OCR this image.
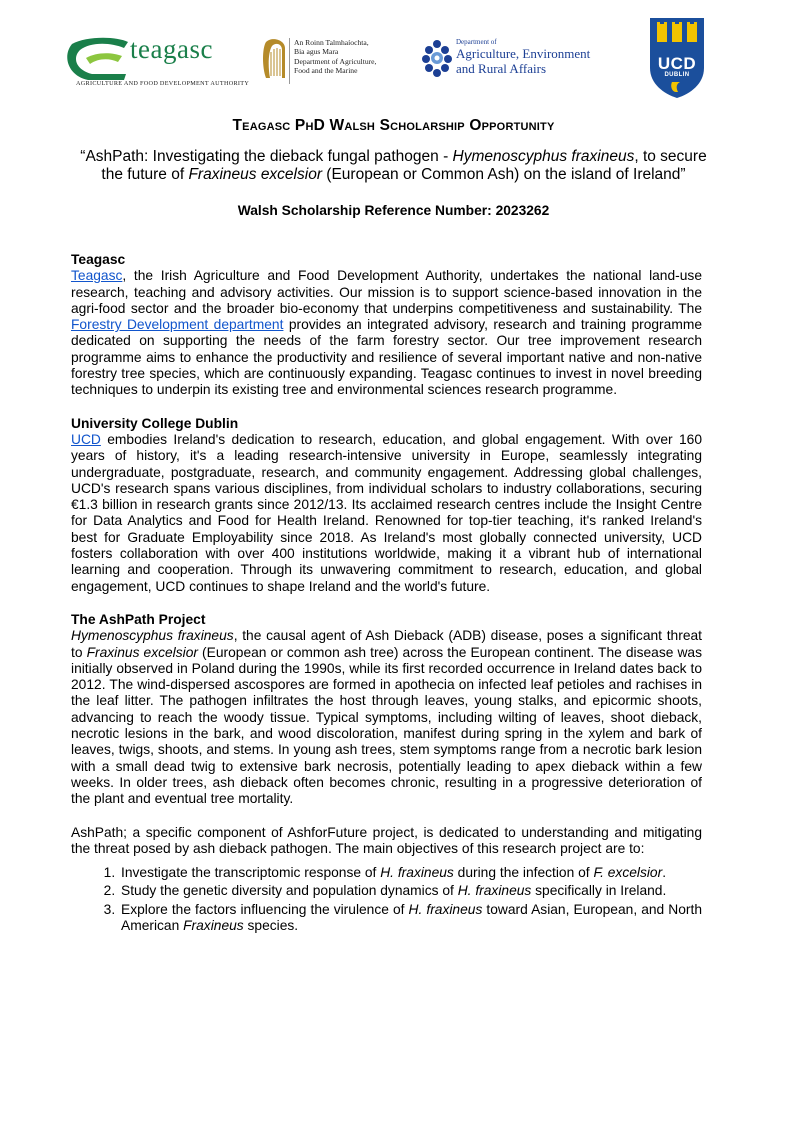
teagasc
AGRICULTURE AND FOOD DEVELOPMENT AUTHORITY
An Roinn Talmhaíochta,
Bia agus Mara
Department of Agriculture,
Food and the Marine
Department of
Agriculture, Environment
and Rural Affairs	UCD
DUBLIN
Teagasc PhD Walsh Scholarship Opportunity
“AshPath: Investigating the dieback fungal pathogen - Hymenoscyphus fraxineus, to secure the future of Fraxineus excelsior (European or Common Ash) on the island of Ireland”
Walsh Scholarship Reference Number: 2023262
Teagasc

Teagasc, the Irish Agriculture and Food Development Authority, undertakes the national land-use research, teaching and advisory activities. Our mission is to support science-based innovation in the agri-food sector and the broader bio-economy that underpins competitiveness and sustainability. The Forestry Development department provides an integrated advisory, research and training programme dedicated on supporting the needs of the farm forestry sector. Our tree improvement research programme aims to enhance the productivity and resilience of several important native and non-native forestry tree species, which are continuously expanding. Teagasc continues to invest in novel breeding techniques to underpin its existing tree and environmental sciences research programme.

University College Dublin

UCD embodies Ireland's dedication to research, education, and global engagement. With over 160 years of history, it's a leading research-intensive university in Europe, seamlessly integrating undergraduate, postgraduate, research, and community engagement. Addressing global challenges, UCD's research spans various disciplines, from individual scholars to industry collaborations, securing €1.3 billion in research grants since 2012/13. Its acclaimed research centres include the Insight Centre for Data Analytics and Food for Health Ireland. Renowned for top-tier teaching, it's ranked Ireland's best for Graduate Employability since 2018. As Ireland's most globally connected university, UCD fosters collaboration with over 400 institutions worldwide, making it a vibrant hub of international learning and cooperation. Through its unwavering commitment to research, education, and global engagement, UCD continues to shape Ireland and the world's future.

The AshPath Project

Hymenoscyphus fraxineus, the causal agent of Ash Dieback (ADB) disease, poses a significant threat to Fraxinus excelsior (European or common ash tree) across the European continent. The disease was initially observed in Poland during the 1990s, while its first recorded occurrence in Ireland dates back to 2012. The wind-dispersed ascospores are formed in apothecia on infected leaf petioles and rachises in the leaf litter. The pathogen infiltrates the host through leaves, young stalks, and epicormic shoots, advancing to reach the woody tissue. Typical symptoms, including wilting of leaves, shoot dieback, necrotic lesions in the bark, and wood discoloration, manifest during spring in the xylem and bark of leaves, twigs, shoots, and stems. In young ash trees, stem symptoms range from a necrotic bark lesion with a small dead twig to extensive bark necrosis, potentially leading to apex dieback within a few weeks. In older trees, ash dieback often becomes chronic, resulting in a progressive deterioration of the plant and eventual tree mortality.

AshPath; a specific component of AshforFuture project, is dedicated to understanding and mitigating the threat posed by ash dieback pathogen. The main objectives of this research project are to:

1. Investigate the transcriptomic response of H. fraxineus during the infection of F. excelsior.
2. Study the genetic diversity and population dynamics of H. fraxineus specifically in Ireland.
3. Explore the factors influencing the virulence of H. fraxineus toward Asian, European, and North American Fraxineus species.
